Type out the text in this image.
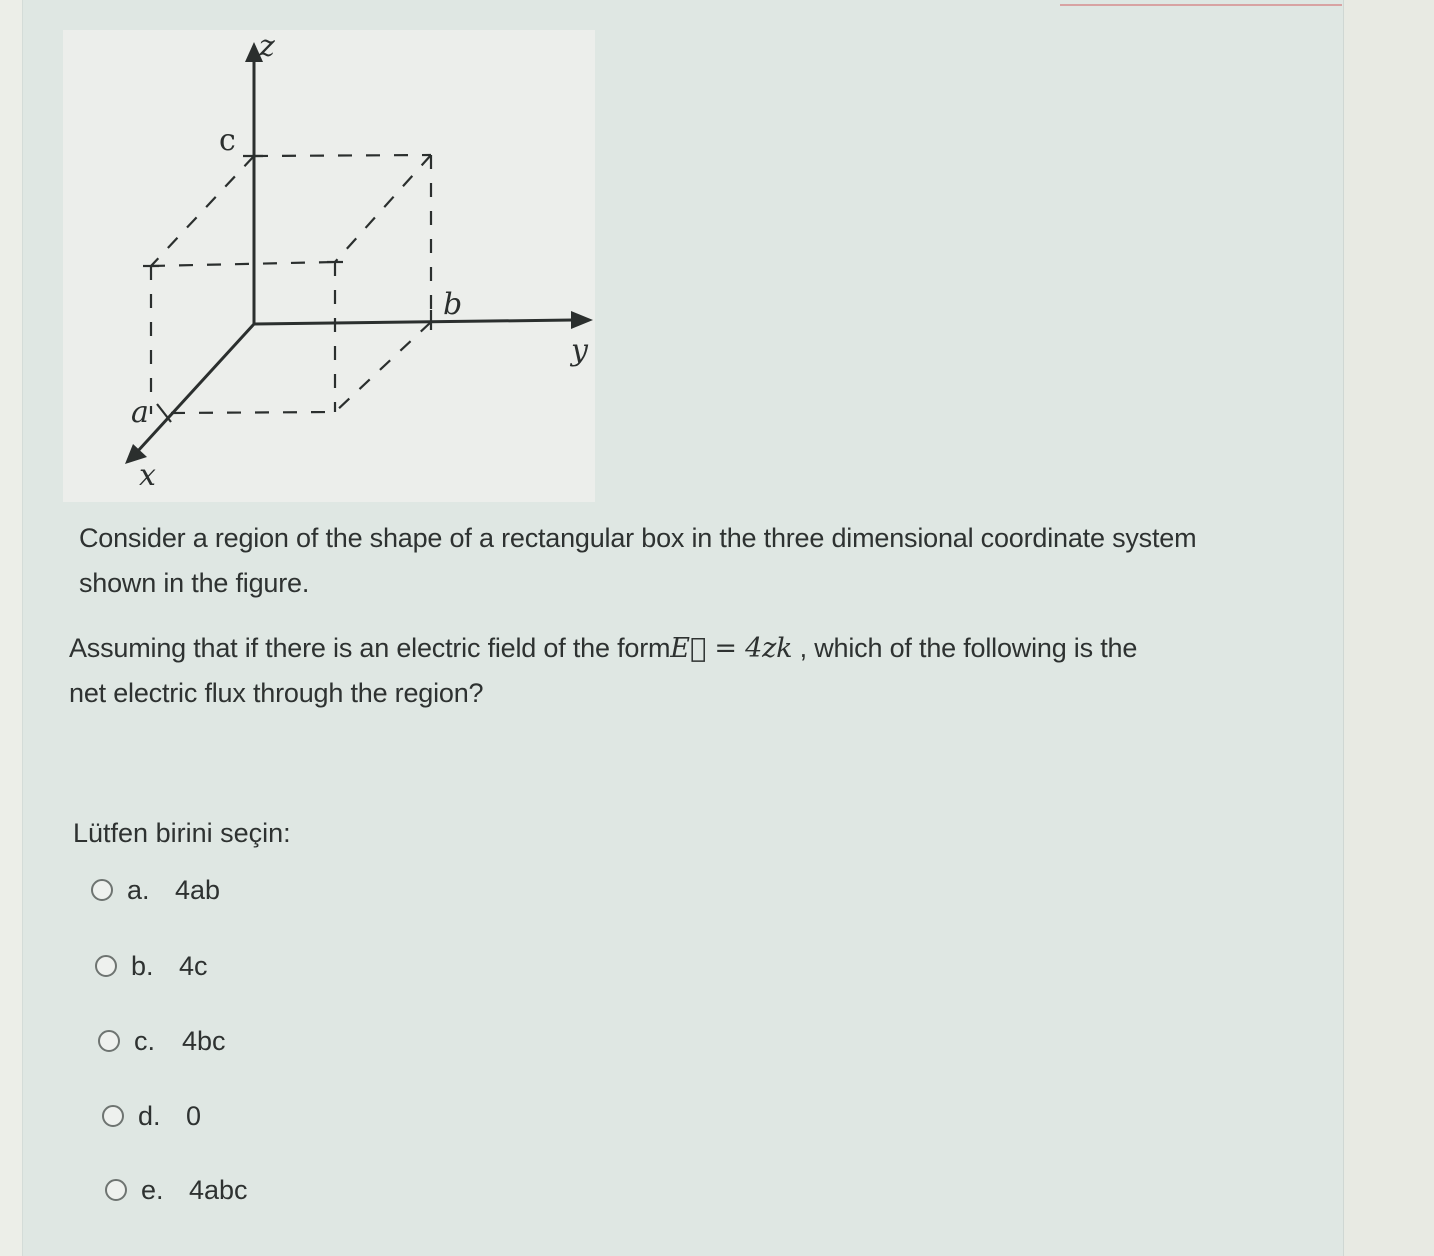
z
y
x
a
b
c

Consider a region of the shape of a rectangular box in the three dimensional coordinate system

shown in the figure.

Assuming that if there is an electric field of the formE⃗ = 4zk , which of the following is the

net electric flux through the region?

Lütfen birini seçin:
a. 4ab
b. 4c
c. 4bc
d. 0
e. 4abc
